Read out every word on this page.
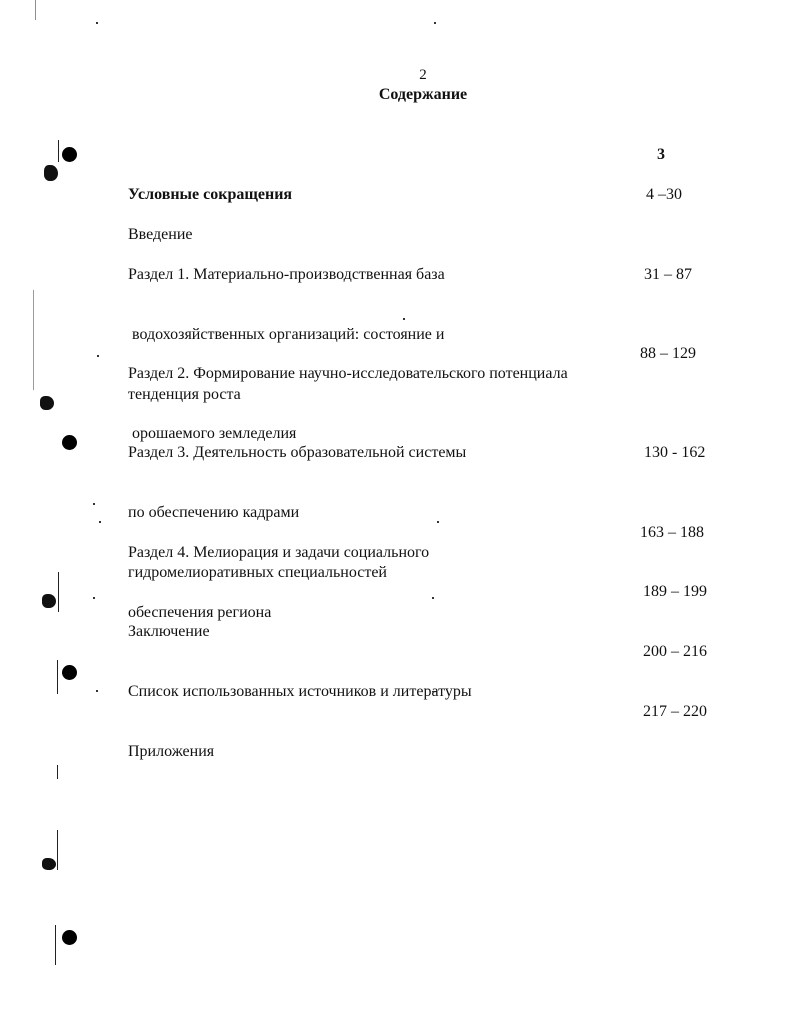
2
Содержание

Условные сокращения

3

Введение

4 –30

Раздел 1. Материально-производственная база

водохозяйственных организаций: состояние и

тенденция роста

31 – 87

Раздел 2. Формирование научно-исследовательского потенциала

орошаемого земледелия

88 – 129

Раздел 3. Деятельность образовательной системы

по обеспечению кадрами

гидромелиоративных специальностей

130 - 162

Раздел 4. Мелиорация и задачи социального

обеспечения региона

163 – 188

Заключение

189 – 199

Список использованных источников и литературы

200 – 216

Приложения

217 – 220
